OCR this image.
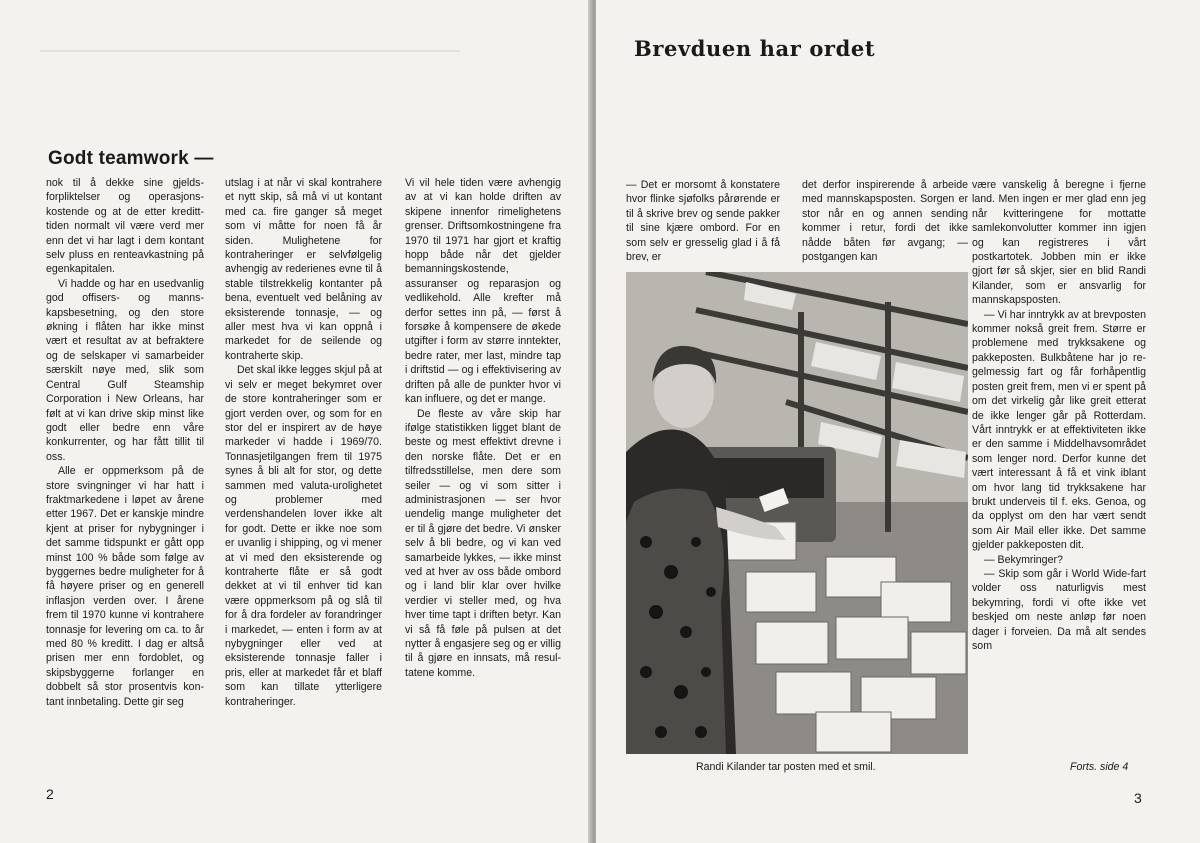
Godt teamwork —

nok til å dekke sine gjeldsforpliktelser og operasjonskostende og at de etter kreditt-tiden normalt vil være verd mer enn det vi har lagt i dem kontant selv pluss en renteavkastning på egenkapitalen.

Vi hadde og har en usedvanlig god offisers- og mannskapsbesetning, og den store økning i flåten har ikke minst vært et resultat av at befraktere og de selskaper vi samarbeider særskilt nøye med, slik som Central Gulf Steamship Corporation i New Orleans, har følt at vi kan drive skip minst like godt eller bedre enn våre konkurrenter, og har fått tillit til oss.

Alle er oppmerksom på de store svingninger vi har hatt i fraktmarkedene i løpet av årene etter 1967. Det er kanskje mindre kjent at priser for nybygninger i det samme tidspunkt er gått opp minst 100 % både som følge av byggernes bedre muligheter for å få høyere priser og en generell inflasjon verden over. I årene frem til 1970 kunne vi kontrahere tonnasje for levering om ca. to år med 80 % kreditt. I dag er altså prisen mer enn fordoblet, og skipsbyggerne forlanger en dobbelt så stor prosentvis kontant innbetaling. Dette gir seg

utslag i at når vi skal kontrahere et nytt skip, så må vi ut kontant med ca. fire ganger så meget som vi måtte for noen få år siden. Mulighetene for kontraheringer er selvfølgelig avhengig av rederienes evne til å stable tilstrekkelig kontanter på bena, eventuelt ved belåning av eksisterende tonnasje, — og aller mest hva vi kan oppnå i markedet for de seilende og kontraherte skip.

Det skal ikke legges skjul på at vi selv er meget bekymret over de store kontraheringer som er gjort verden over, og som for en stor del er inspirert av de høye markeder vi hadde i 1969/70. Tonnasjetilgangen frem til 1975 synes å bli alt for stor, og dette sammen med valuta-urolighetet og problemer med verdenshandelen lover ikke alt for godt. Dette er ikke noe som er uvanlig i shipping, og vi mener at vi med den eksisterende og kontraherte flåte er så godt dekket at vi til enhver tid kan være oppmerksom på og slå til for å dra fordeler av forandringer i markedet, — enten i form av at nybygninger eller ved at eksisterende tonnasje faller i pris, eller at markedet får et blaff som kan tillate ytterligere kontraheringer.

Vi vil hele tiden være avhengig av at vi kan holde driften av skipene innenfor rimelighetens grenser. Driftsomkostningene fra 1970 til 1971 har gjort et kraftig hopp både når det gjelder bemanningskostende, assuranser og reparasjon og vedlikehold. Alle krefter må derfor settes inn på, — først å forsøke å kompensere de økede utgifter i form av større inntekter, bedre rater, mer last, mindre tap i driftstid — og i effektivisering av driften på alle de punkter hvor vi kan influere, og det er mange.

De fleste av våre skip har ifølge statistikken ligget blant de beste og mest effektivt drevne i den norske flåte. Det er en tilfredsstillelse, men dere som seiler — og vi som sitter i administrasjonen — ser hvor uendelig mange muligheter det er til å gjøre det bedre. Vi ønsker selv å bli bedre, og vi kan ved samarbeide lykkes, — ikke minst ved at hver av oss både ombord og i land blir klar over hvilke verdier vi steller med, og hva hver time tapt i driften betyr. Kan vi så få føle på pulsen at det nytter å engasjere seg og er villig til å gjøre en innsats, må resultatene komme.

2
Brevduen har ordet

— Det er morsomt å konstatere hvor flinke sjøfolks pårørende er til å skrive brev og sende pakker til sine kjære ombord. For en som selv er gresselig glad i å få brev, er

det derfor inspirerende å arbeide med mannskapsposten. Sorgen er stor når en og annen sending kommer i retur, fordi det ikke nådde båten før avgang; — postgangen kan

være vanskelig å beregne i fjerne land. Men ingen er mer glad enn jeg når kvitteringene for mottatte samlekonvolutter kommer inn igjen og kan registreres i vårt postkartotek. Jobben min er ikke gjort før så skjer, sier en blid Randi Kilander, som er ansvarlig for mannskapsposten.

— Vi har inntrykk av at brevposten kommer nokså greit frem. Større er problemene med trykksakene og pakkeposten. Bulkbåtene har jo regelmessig fart og får forhåpentlig posten greit frem, men vi er spent på om det virkelig går like greit etterat de ikke lenger går på Rotterdam. Vårt inntrykk er at effektiviteten ikke er den samme i Middelhavsområdet som lenger nord. Derfor kunne det vært interessant å få et vink iblant om hvor lang tid trykksakene har brukt underveis til f. eks. Genoa, og da opplyst om den har vært sendt som Air Mail eller ikke. Det samme gjelder pakkeposten dit.

— Bekymringer?

— Skip som går i World Wide-fart volder oss naturligvis mest bekymring, fordi vi ofte ikke vet beskjed om neste anløp før noen dager i forveien. Da må alt sendes som

Randi Kilander tar posten med et smil.	Forts. side 4
3
